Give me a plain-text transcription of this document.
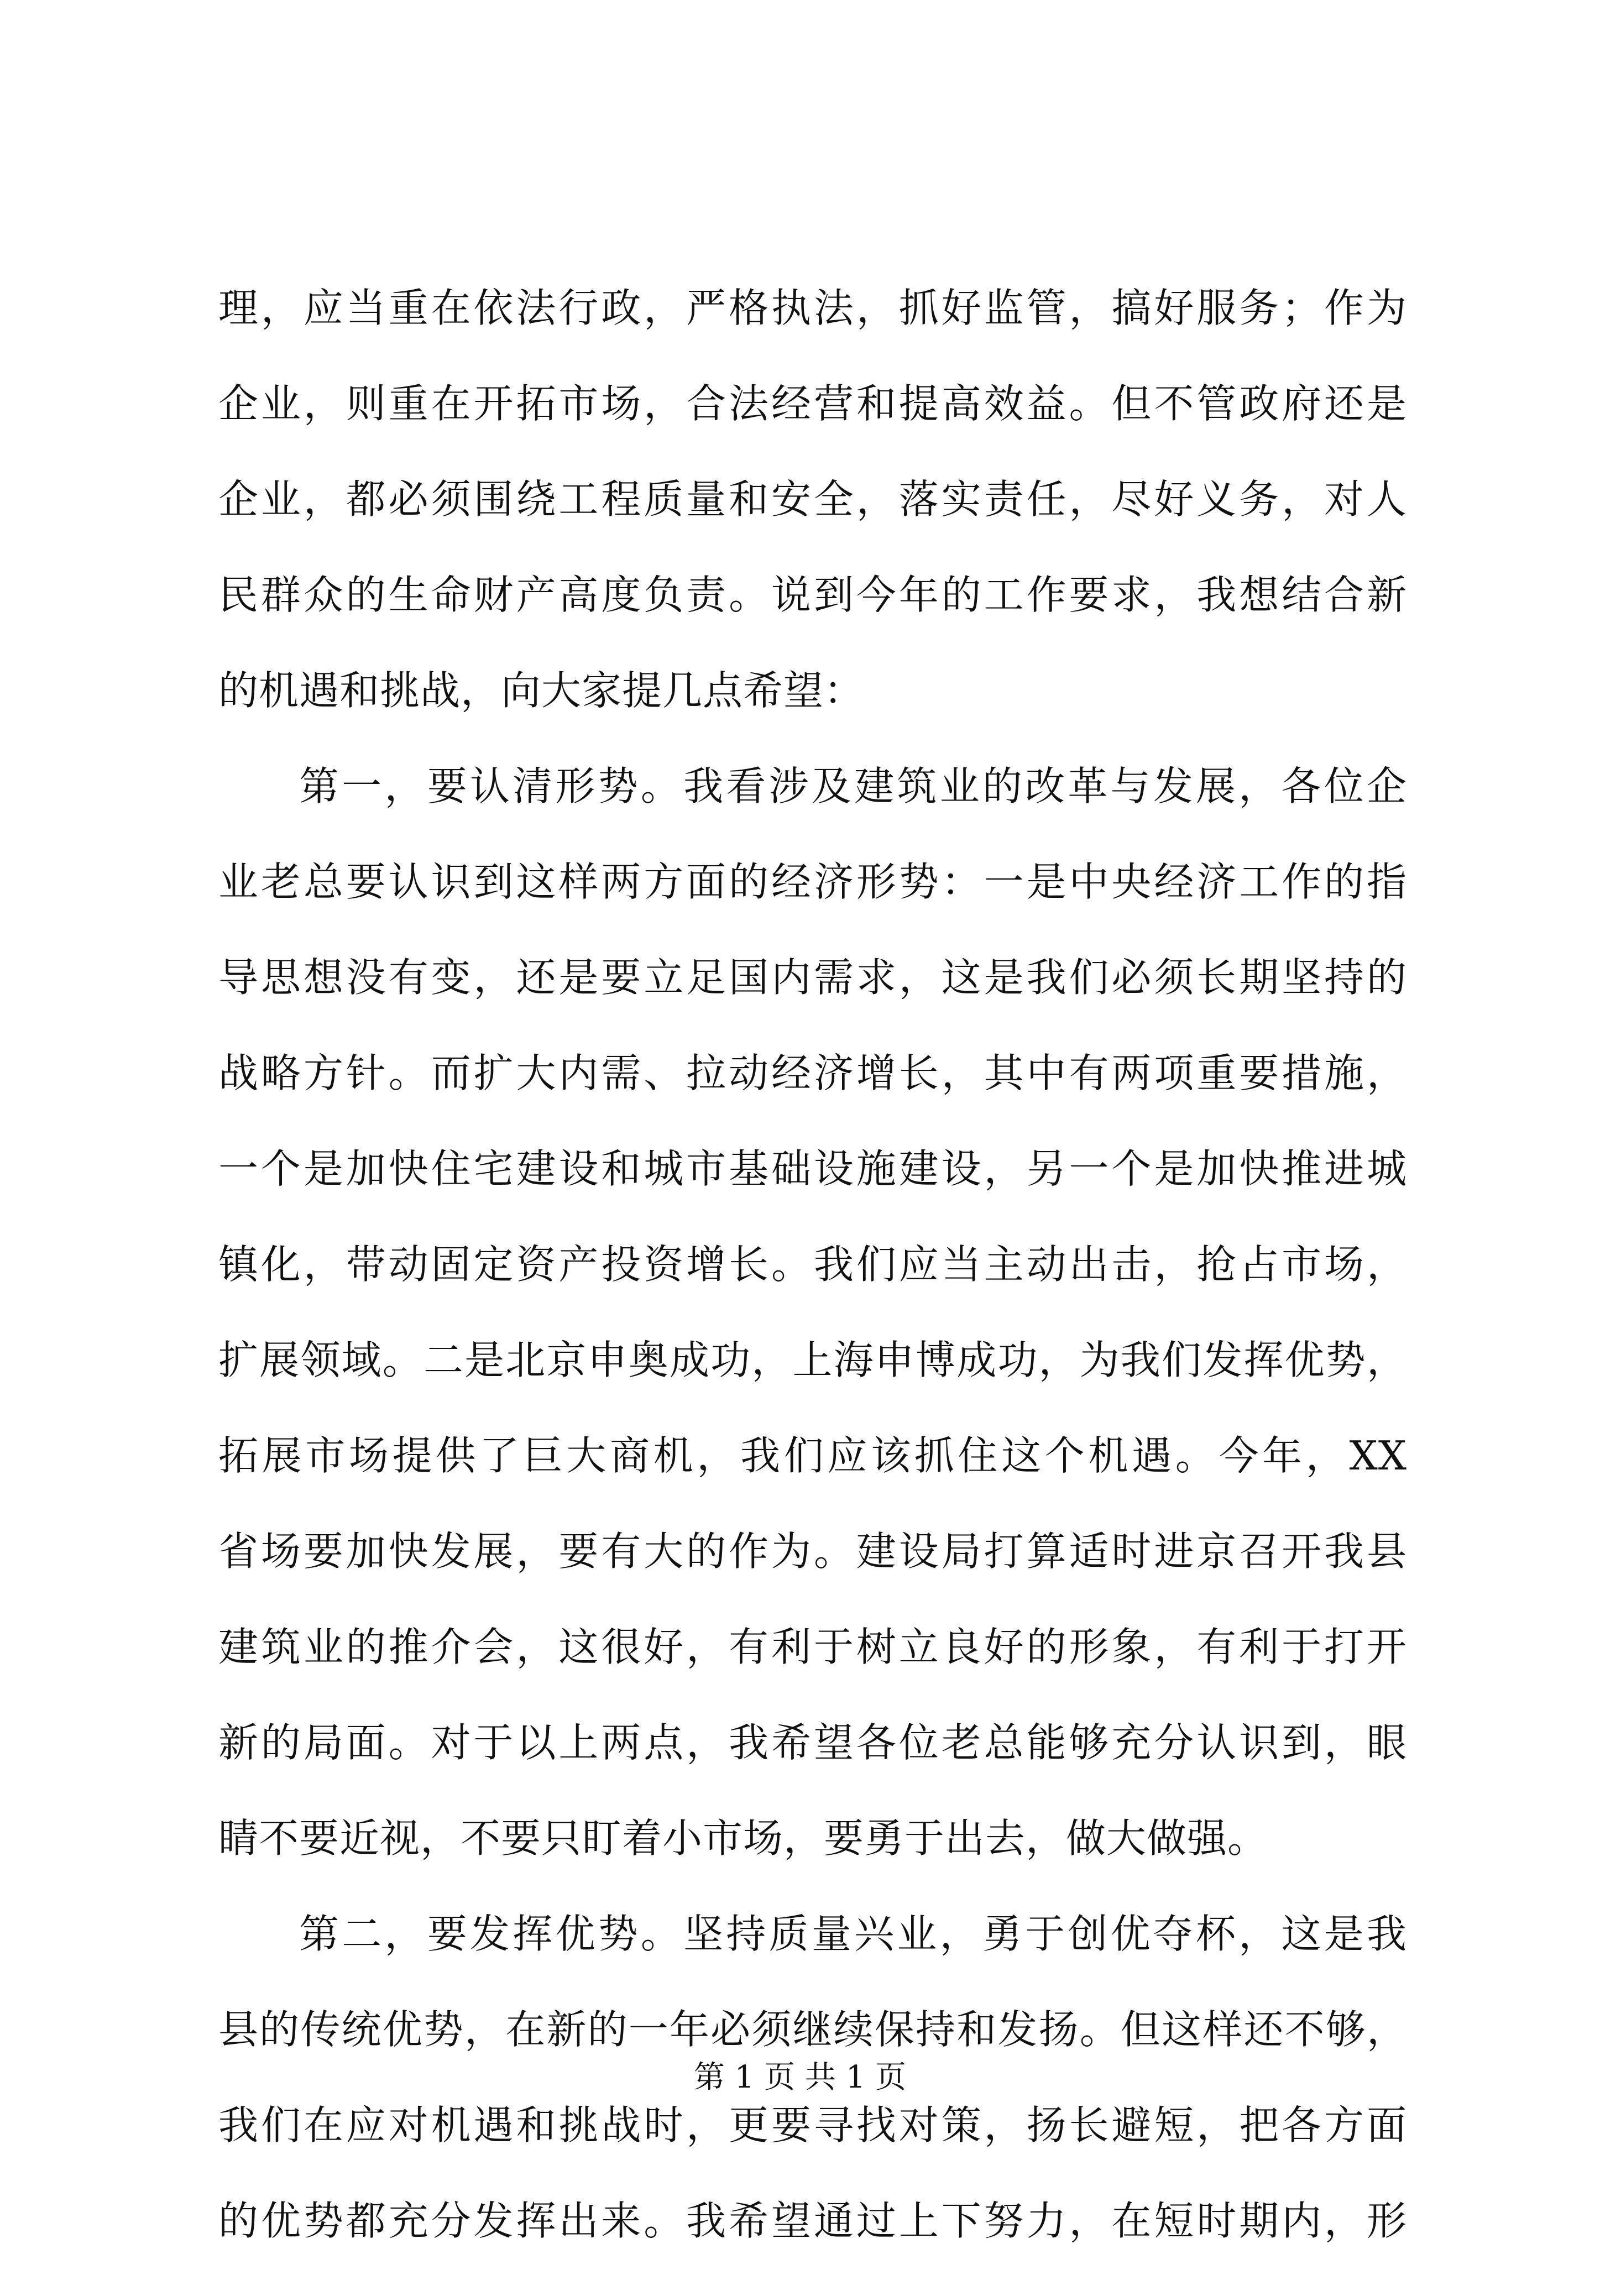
理，应当重在依法行政，严格执法，抓好监管，搞好服务；作为
企业，则重在开拓市场，合法经营和提高效益。但不管政府还是
企业，都必须围绕工程质量和安全，落实责任，尽好义务，对人
民群众的生命财产高度负责。说到今年的工作要求，我想结合新
的机遇和挑战，向大家提几点希望：
第一，要认清形势。我看涉及建筑业的改革与发展，各位企
业老总要认识到这样两方面的经济形势：一是中央经济工作的指
导思想没有变，还是要立足国内需求，这是我们必须长期坚持的
战略方针。而扩大内需、拉动经济增长，其中有两项重要措施，
一个是加快住宅建设和城市基础设施建设，另一个是加快推进城
镇化，带动固定资产投资增长。我们应当主动出击，抢占市场，
扩展领域。二是北京申奥成功，上海申博成功，为我们发挥优势，
拓展市场提供了巨大商机，我们应该抓住这个机遇。今年，XX
省场要加快发展，要有大的作为。建设局打算适时进京召开我县
建筑业的推介会，这很好，有利于树立良好的形象，有利于打开
新的局面。对于以上两点，我希望各位老总能够充分认识到，眼
睛不要近视，不要只盯着小市场，要勇于出去，做大做强。
第二，要发挥优势。坚持质量兴业，勇于创优夺杯，这是我
县的传统优势，在新的一年必须继续保持和发扬。但这样还不够，
我们在应对机遇和挑战时，更要寻找对策，扬长避短，把各方面
的优势都充分发挥出来。我希望通过上下努力，在短时期内，形
第 1 页 共 1 页
